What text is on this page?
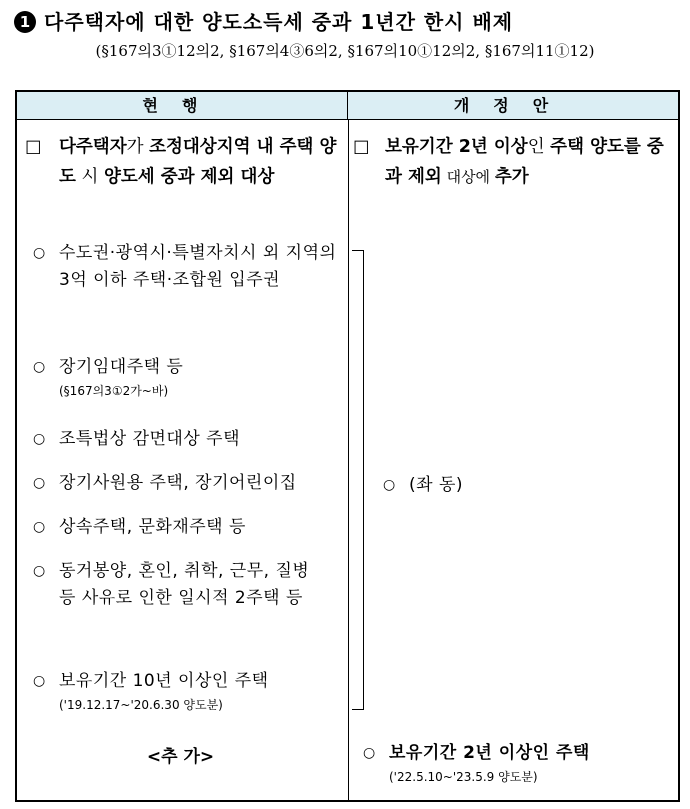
1 다주택자에 대한 양도소득세 중과 1년간 한시 배제
(§167의3①12의2, §167의4③6의2, §167의10①12의2, §167의11①12)
현행	개정안
□ 다주택자가 조정대상지역 내 주택 양도 시 양도세 중과 제외 대상
□ 보유기간 2년 이상인 주택 양도를 중과 제외 대상에 추가
○ 수도권·광역시·특별자치시 외 지역의 3억 이하 주택·조합원 입주권
○ 장기임대주택 등
(§167의3①2가~바)
○ 조특법상 감면대상 주택
○ 장기사원용 주택, 장기어린이집
○ 상속주택, 문화재주택 등
○ 동거봉양, 혼인, 취학, 근무, 질병 등 사유로 인한 일시적 2주택 등
○ 보유기간 10년 이상인 주택
('19.12.17~'20.6.30 양도분)
○ (좌 동)
○ 보유기간 2년 이상인 주택
('22.5.10~'23.5.9 양도분)
<추 가>
